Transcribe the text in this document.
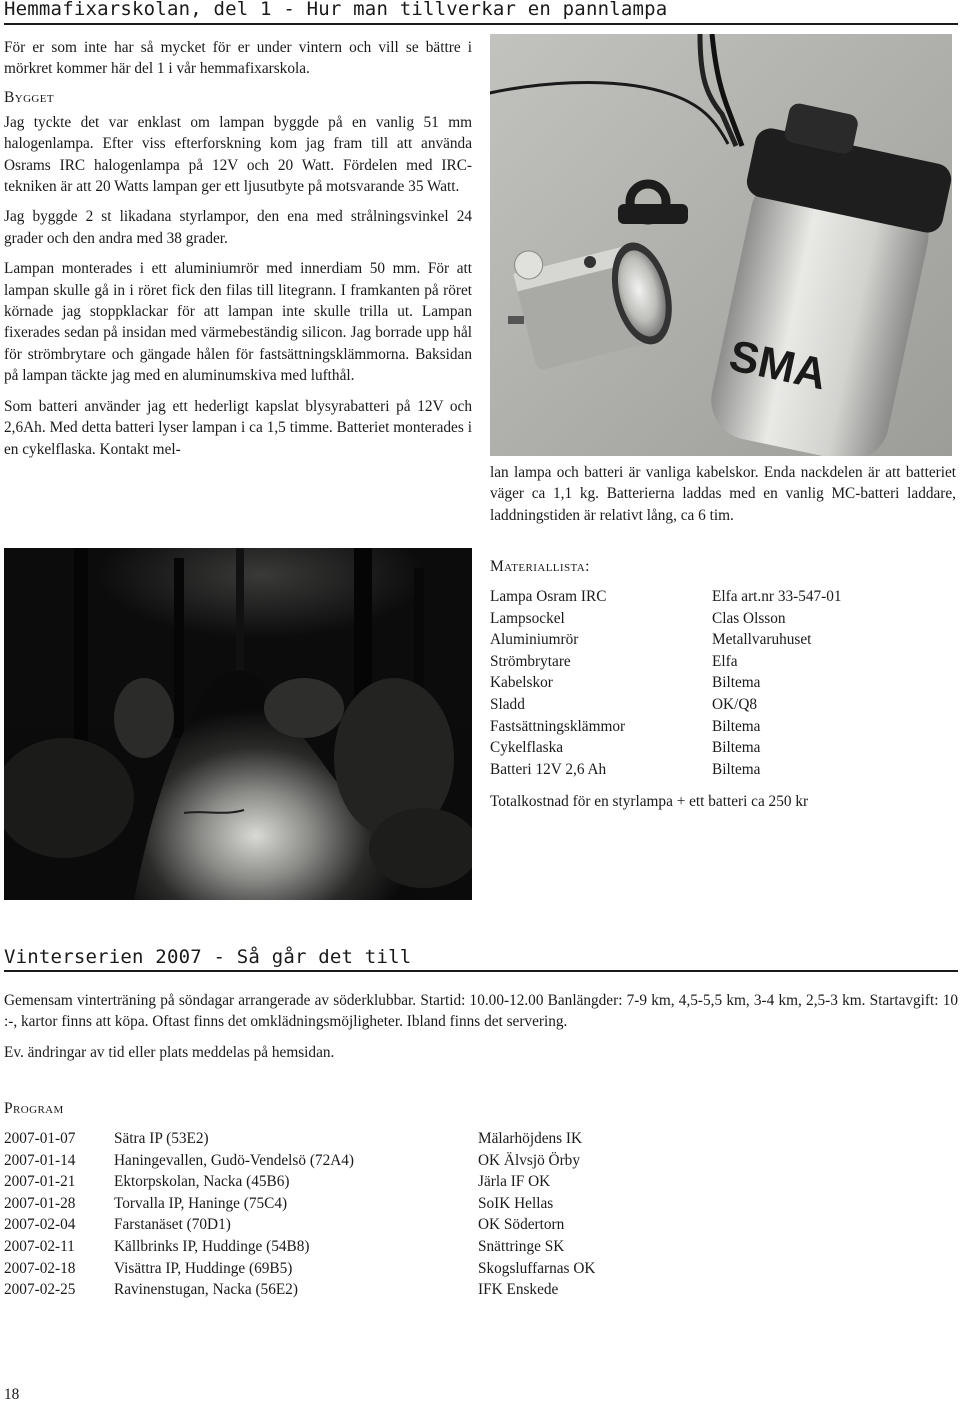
Hemmafixarskolan, del 1 - Hur man tillverkar en pannlampa

För er som inte har så mycket för er under vintern och vill se bättre i mörkret kommer här del 1 i vår hemmafixarskola.

Bygget

Jag tyckte det var enklast om lampan byggde på en vanlig 51 mm halogenlampa. Efter viss efterforskning kom jag fram till att använda Osrams IRC halogenlampa på 12V och 20 Watt. Fördelen med IRC-tekniken är att 20 Watts lampan ger ett ljusutbyte på motsvarande 35 Watt.

Jag byggde 2 st likadana styrlampor, den ena med strålningsvinkel 24 grader och den andra med 38 grader.

Lampan monterades i ett aluminiumrör med innerdiam 50 mm. För att lampan skulle gå in i röret fick den filas till litegrann. I framkanten på röret körnade jag stoppklackar för att lampan inte skulle trilla ut. Lampan fixerades sedan på insidan med värmebeständig silicon. Jag borrade upp hål för strömbrytare och gängade hålen för fastsättningsklämmorna. Baksidan på lampan täckte jag med en aluminumskiva med lufthål.

Som batteri använder jag ett hederligt kapslat blysyrabatteri på 12V och 2,6Ah. Med detta batteri lyser lampan i ca 1,5 timme. Batteriet monterades i en cykelflaska. Kontakt mel-

SMA

lan lampa och batteri är vanliga kabelskor. Enda nackdelen är att batteriet väger ca 1,1 kg. Batterierna laddas med en vanlig MC-batteri laddare, laddningstiden är relativt lång, ca 6 tim.

Materiallista:
Lampa Osram IRC	Elfa art.nr 33-547-01
Lampsockel	Clas Olsson
Aluminiumrör	Metallvaruhuset
Strömbrytare	Elfa
Kabelskor	Biltema
Sladd	OK/Q8
Fastsättningsklämmor	Biltema
Cykelflaska	Biltema
Batteri 12V 2,6 Ah	Biltema
Totalkostnad för en styrlampa + ett batteri ca 250 kr
Vinterserien 2007 - Så går det till

Gemensam vinterträning på söndagar arrangerade av söderklubbar. Startid: 10.00-12.00 Banlängder: 7-9 km, 4,5-5,5 km, 3-4 km, 2,5-3 km. Startavgift: 10 :-, kartor finns att köpa. Oftast finns det omklädningsmöjligheter. Ibland finns det servering.

Ev. ändringar av tid eller plats meddelas på hemsidan.

Program
2007-01-07	Sätra IP (53E2)	Mälarhöjdens IK
2007-01-14	Haningevallen, Gudö-Vendelsö (72A4)	OK Älvsjö Örby
2007-01-21	Ektorpskolan, Nacka (45B6)	Järla IF OK
2007-01-28	Torvalla IP, Haninge (75C4)	SoIK Hellas
2007-02-04	Farstanäset (70D1)	OK Södertorn
2007-02-11	Källbrinks IP, Huddinge (54B8)	Snättringe SK
2007-02-18	Visättra IP, Huddinge (69B5)	Skogsluffarnas OK
2007-02-25	Ravinenstugan, Nacka (56E2)	IFK Enskede
18
